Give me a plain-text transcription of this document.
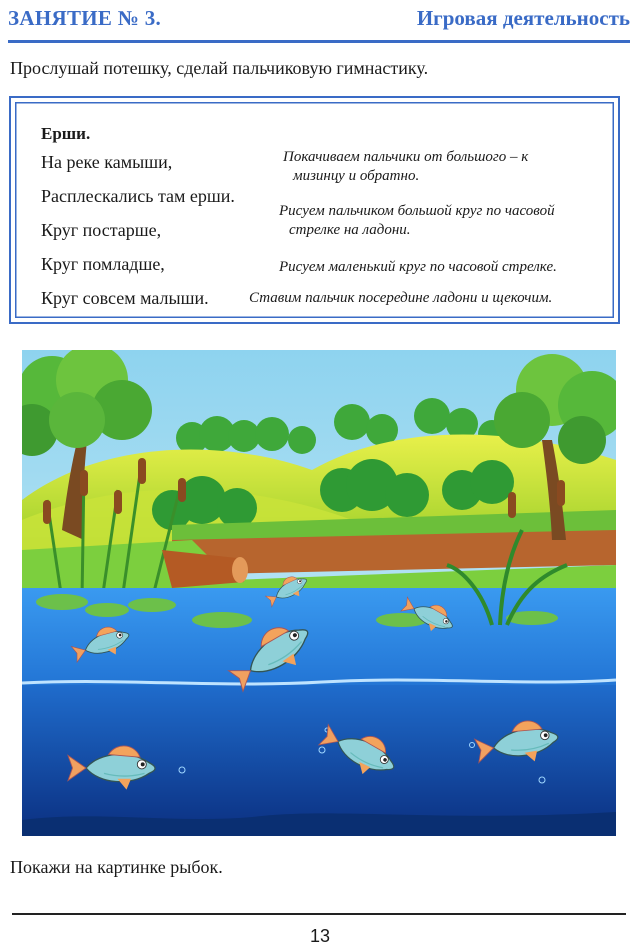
ЗАНЯТИЕ № 3.	Игровая деятельность
Прослушай потешку, сделай пальчиковую гимнастику.
Ерши.
На реке камыши,
Расплескались там ерши.
Круг постарше,
Круг помладше,
Круг совсем малыши.
Покачиваем пальчики от большого – к
мизинцу и обратно.
Рисуем пальчиком большой круг по часовой
стрелке на ладони.
Рисуем маленький круг по часовой стрелке.
Ставим пальчик посередине ладони и щекочим.
Покажи на картинке рыбок.
13
